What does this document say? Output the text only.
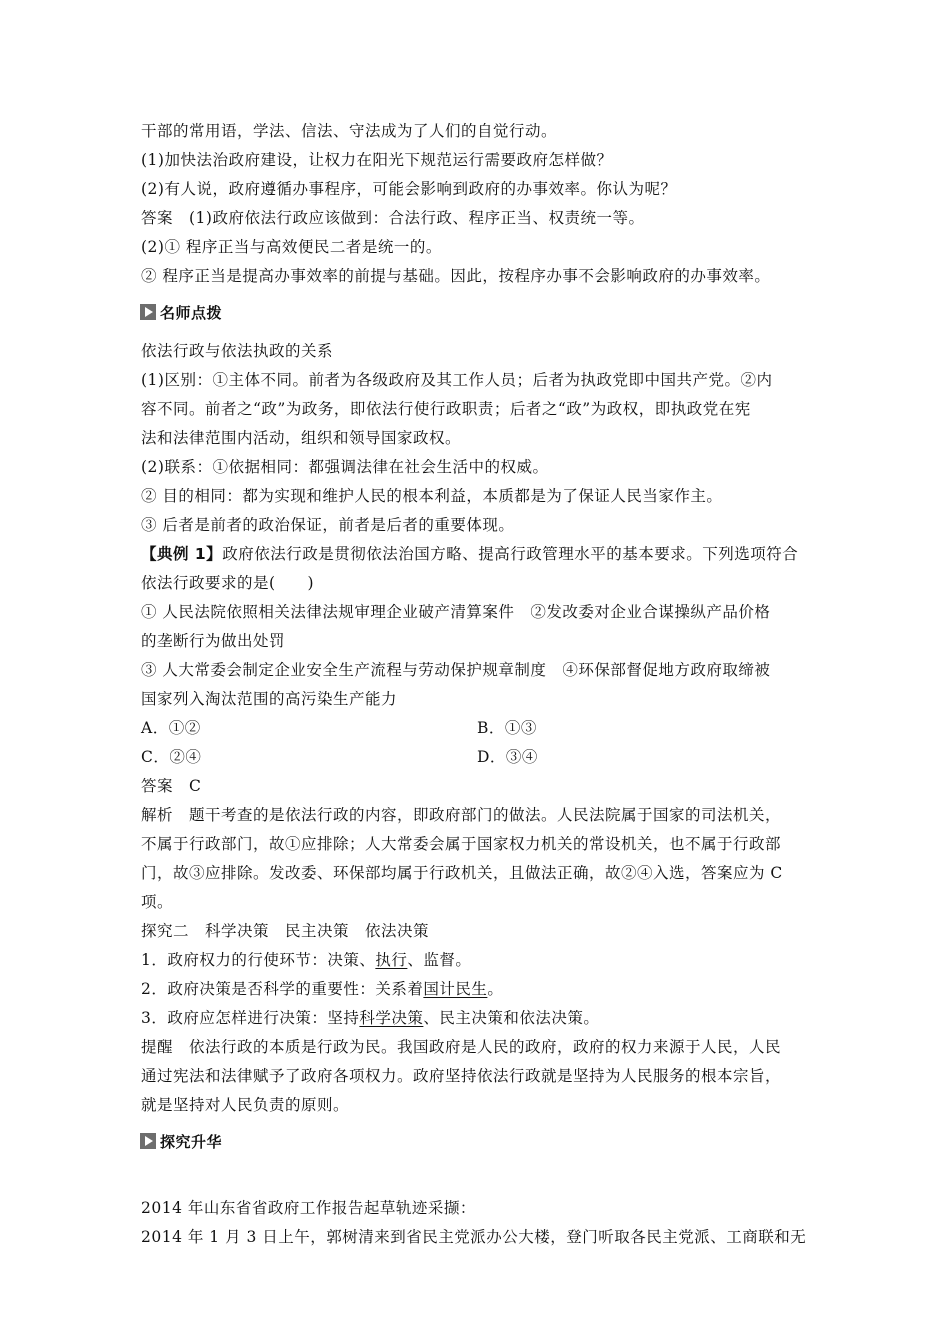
干部的常用语，学法、信法、守法成为了人们的自觉行动。

(1)加快法治政府建设，让权力在阳光下规范运行需要政府怎样做？

(2)有人说，政府遵循办事程序，可能会影响到政府的办事效率。你认为呢？

答案　(1)政府依法行政应该做到：合法行政、程序正当、权责统一等。

(2)① 程序正当与高效便民二者是统一的。

② 程序正当是提高办事效率的前提与基础。因此，按程序办事不会影响政府的办事效率。

名师点拨

依法行政与依法执政的关系

(1)区别：①主体不同。前者为各级政府及其工作人员；后者为执政党即中国共产党。②内

容不同。前者之“政”为政务，即依法行使行政职责；后者之“政”为政权，即执政党在宪

法和法律范围内活动，组织和领导国家政权。

(2)联系：①依据相同：都强调法律在社会生活中的权威。

② 目的相同：都为实现和维护人民的根本利益，本质都是为了保证人民当家作主。

③ 后者是前者的政治保证，前者是后者的重要体现。

【典例 1】政府依法行政是贯彻依法治国方略、提高行政管理水平的基本要求。下列选项符合

依法行政要求的是(　　)

① 人民法院依照相关法律法规审理企业破产清算案件　②发改委对企业合谋操纵产品价格

的垄断行为做出处罚

③ 人大常委会制定企业安全生产流程与劳动保护规章制度　④环保部督促地方政府取缔被

国家列入淘汰范围的高污染生产能力

A．①②	B．①③

C．②④	D．③④

答案　C

解析　题干考查的是依法行政的内容，即政府部门的做法。人民法院属于国家的司法机关，

不属于行政部门，故①应排除；人大常委会属于国家权力机关的常设机关，也不属于行政部

门，故③应排除。发改委、环保部均属于行政机关，且做法正确，故②④入选，答案应为 C

项。

探究二　科学决策　民主决策　依法决策

1．政府权力的行使环节：决策、执行、监督。

2．政府决策是否科学的重要性：关系着国计民生。

3．政府应怎样进行决策：坚持科学决策、民主决策和依法决策。

提醒　依法行政的本质是行政为民。我国政府是人民的政府，政府的权力来源于人民，人民

通过宪法和法律赋予了政府各项权力。政府坚持依法行政就是坚持为人民服务的根本宗旨，

就是坚持对人民负责的原则。

探究升华

2014 年山东省省政府工作报告起草轨迹采撷：

2014 年 1 月 3 日上午，郭树清来到省民主党派办公大楼，登门听取各民主党派、工商联和无
